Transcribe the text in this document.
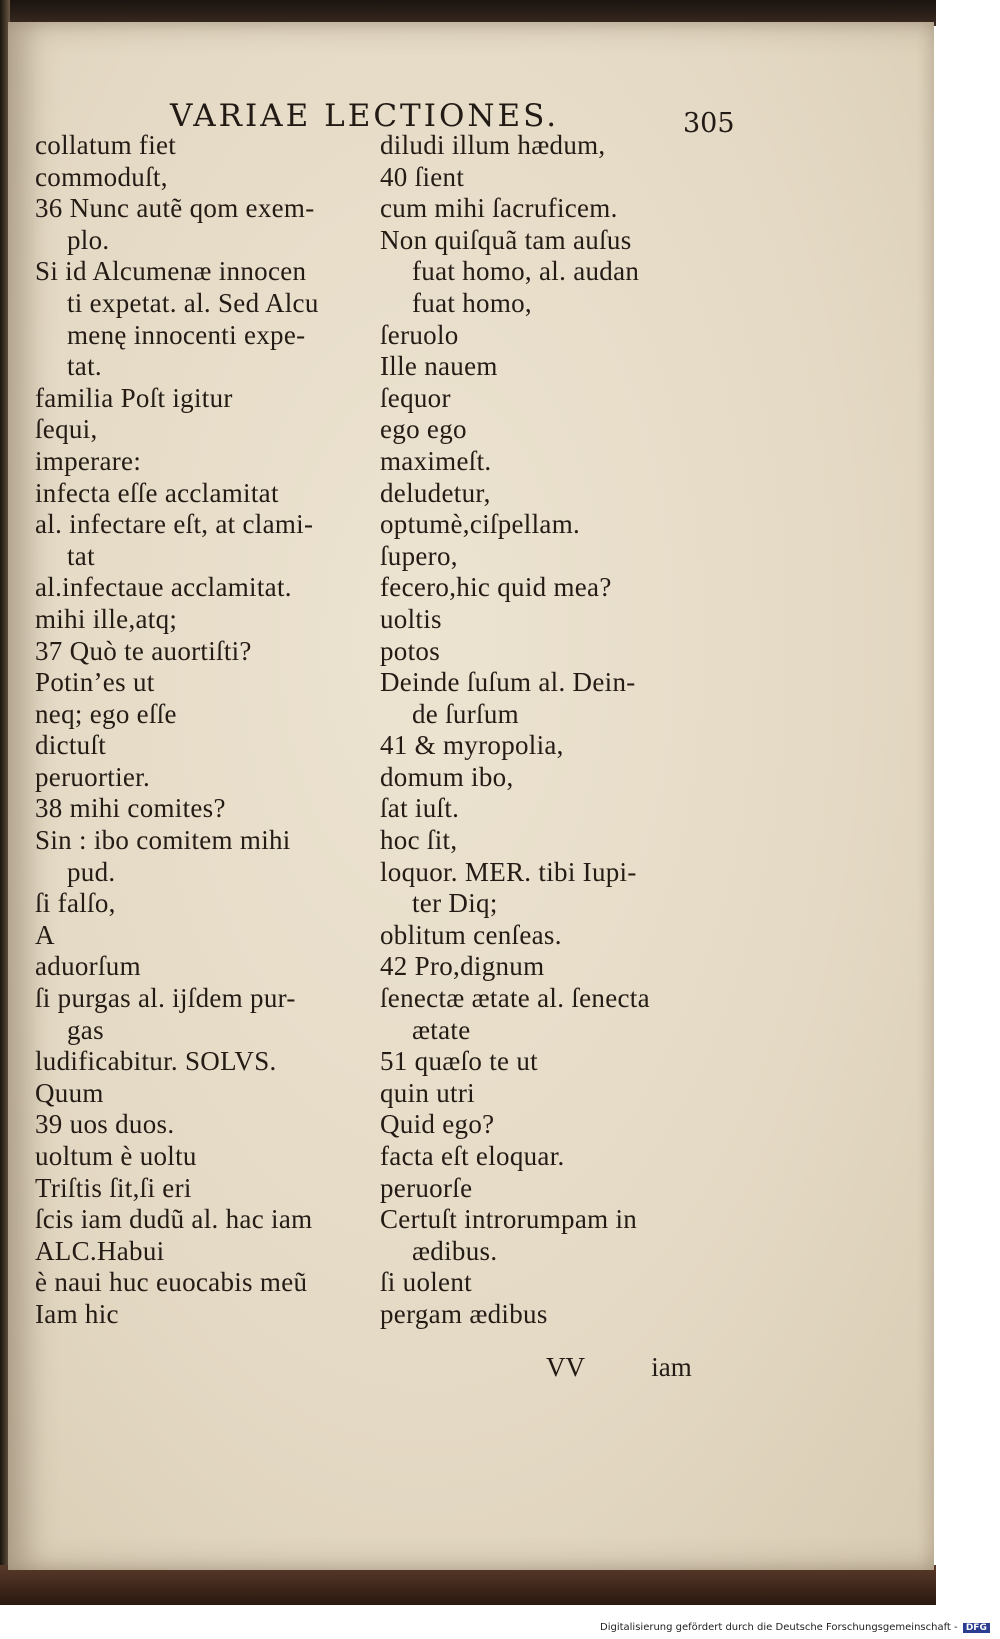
VARIAE LECTIONES.	305
collatum fiet
commoduſt,
36 Nunc autẽ qom exem-
plo.
Si id Alcumenæ innocen
ti expetat. al. Sed Alcu
menę innocenti expe-
tat.
familia Poſt igitur
ſequi,
imperare:
infecta eſſe acclamitat
al. infectare eſt, at clami-
tat
al.infectaue acclamitat.
mihi ille,atq;
37 Quò te auortiſti?
Potin’es ut
neq; ego eſſe
dictuſt
peruortier.
38 mihi comites?
Sin : ibo comitem mihi
pud.
ſi falſo,
A
aduorſum
ſi purgas al. ijſdem pur-
gas
ludificabitur. SOLVS.
Quum
39 uos duos.
uoltum è uoltu
Triſtis ſit,ſi eri
ſcis iam dudũ al. hac iam
ALC.Habui
è naui huc euocabis meũ
Iam hic
diludi illum hædum,
40 ſient
cum mihi ſacruficem.
Non quiſquã tam auſus
fuat homo, al. audan
fuat homo,
ſeruolo
Ille nauem
ſequor
ego ego
maximeſt.
deludetur,
optumè,ciſpellam.
ſupero,
fecero,hic quid mea?
uoltis
potos
Deinde ſuſum al. Dein-
de ſurſum
41 & myropolia,
domum ibo,
ſat iuſt.
hoc ſit,
loquor. MER. tibi Iupi-
ter Diq;
oblitum cenſeas.
42 Pro,dignum
ſenectæ ætate al. ſenecta
ætate
51 quæſo te ut
quin utri
Quid ego?
facta eſt eloquar.
peruorſe
Certuſt introrumpam in
ædibus.
ſi uolent
pergam ædibus
VV iam
Digitalisierung gefördert durch die Deutsche Forschungsgemeinschaft - DFG
